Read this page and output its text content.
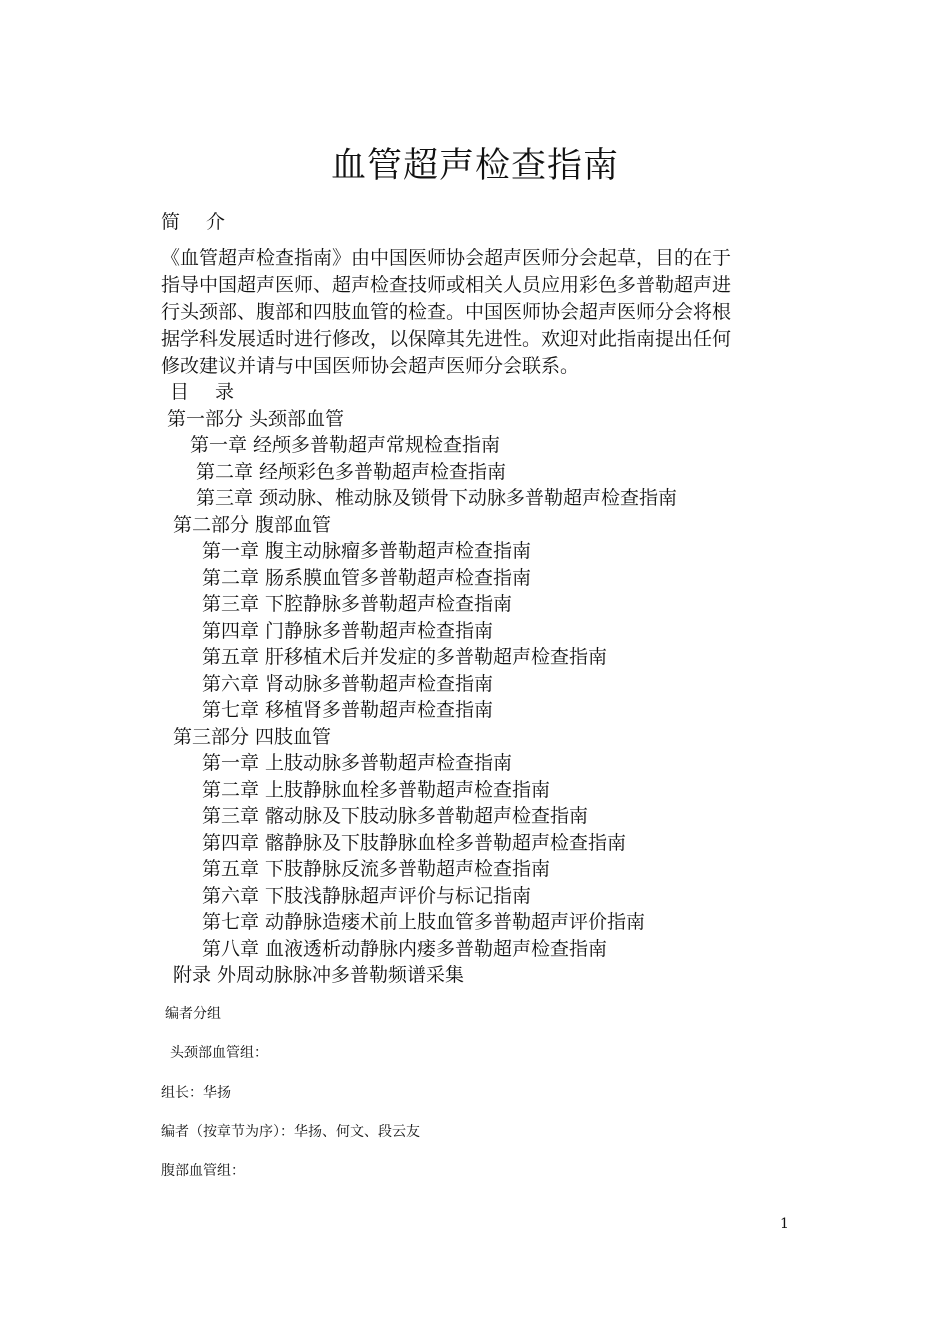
血管超声检查指南
简 介
《血管超声检查指南》由中国医师协会超声医师分会起草，目的在于
指导中国超声医师、超声检查技师或相关人员应用彩色多普勒超声进
行头颈部、腹部和四肢血管的检查。中国医师协会超声医师分会将根
据学科发展适时进行修改，以保障其先进性。欢迎对此指南提出任何
修改建议并请与中国医师协会超声医师分会联系。
目 录
第一部分 头颈部血管
第一章 经颅多普勒超声常规检查指南
第二章 经颅彩色多普勒超声检查指南
第三章 颈动脉、椎动脉及锁骨下动脉多普勒超声检查指南
第二部分 腹部血管
第一章 腹主动脉瘤多普勒超声检查指南
第二章 肠系膜血管多普勒超声检查指南
第三章 下腔静脉多普勒超声检查指南
第四章 门静脉多普勒超声检查指南
第五章 肝移植术后并发症的多普勒超声检查指南
第六章 肾动脉多普勒超声检查指南
第七章 移植肾多普勒超声检查指南
第三部分 四肢血管
第一章 上肢动脉多普勒超声检查指南
第二章 上肢静脉血栓多普勒超声检查指南
第三章 髂动脉及下肢动脉多普勒超声检查指南
第四章 髂静脉及下肢静脉血栓多普勒超声检查指南
第五章 下肢静脉反流多普勒超声检查指南
第六章 下肢浅静脉超声评价与标记指南
第七章 动静脉造瘘术前上肢血管多普勒超声评价指南
第八章 血液透析动静脉内瘘多普勒超声检查指南
附录 外周动脉脉冲多普勒频谱采集
编者分组
头颈部血管组：
组长：华扬
编者（按章节为序）：华扬、何文、段云友
腹部血管组：
1
